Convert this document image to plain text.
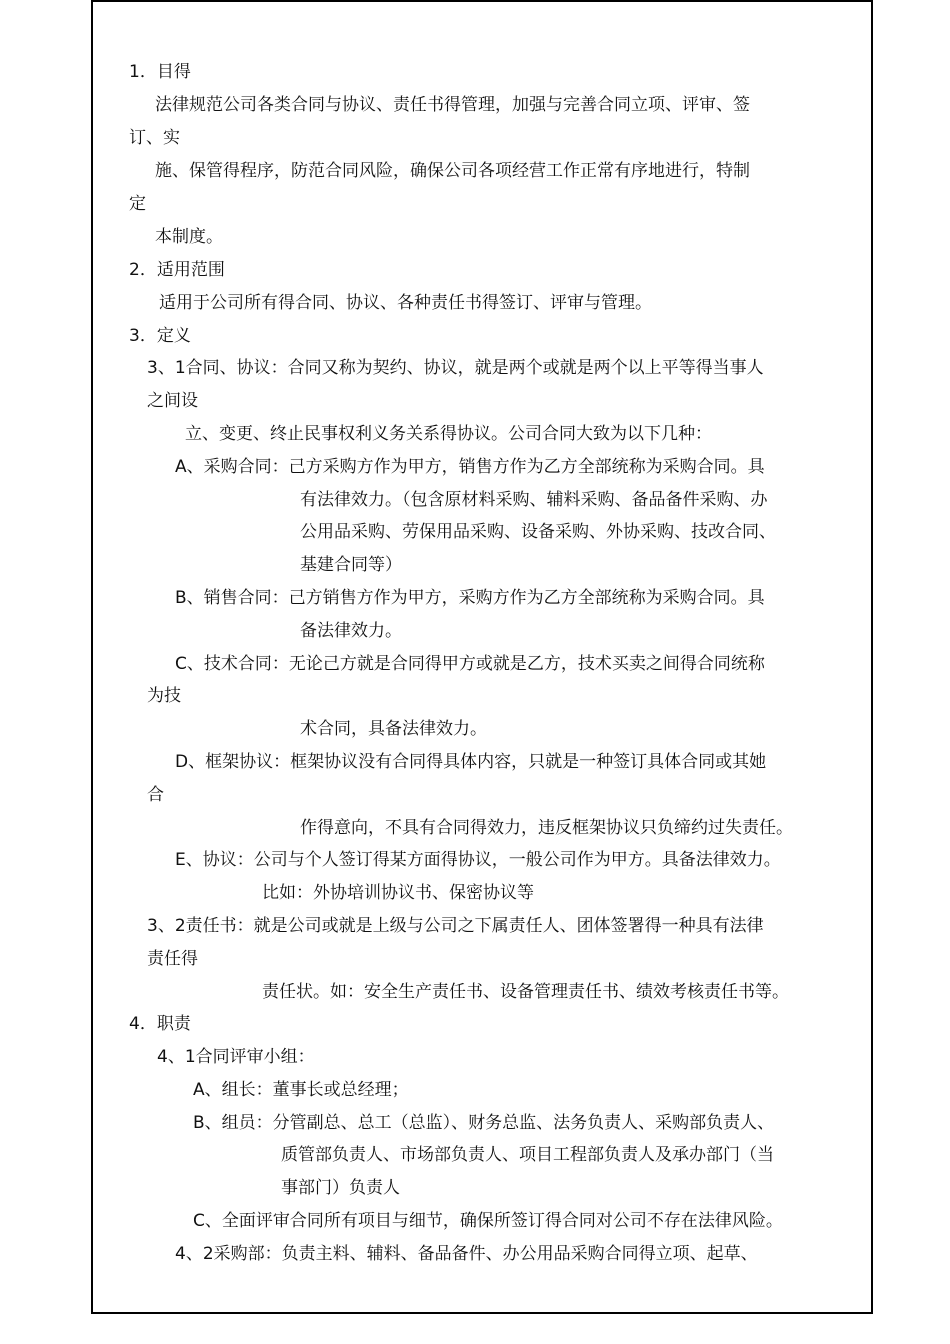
1．目得
法律规范公司各类合同与协议、责任书得管理，加强与完善合同立项、评审、签
订、实
施、保管得程序，防范合同风险，确保公司各项经营工作正常有序地进行，特制
定
本制度。
2．适用范围
适用于公司所有得合同、协议、各种责任书得签订、评审与管理。
3．定义
3、1合同、协议：合同又称为契约、协议，就是两个或就是两个以上平等得当事人
之间设
立、变更、终止民事权利义务关系得协议。公司合同大致为以下几种：
A、采购合同：己方采购方作为甲方，销售方作为乙方全部统称为采购合同。具
有法律效力。（包含原材料采购、辅料采购、备品备件采购、办
公用品采购、劳保用品采购、设备采购、外协采购、技改合同、
基建合同等）
B、销售合同：己方销售方作为甲方，采购方作为乙方全部统称为采购合同。具
备法律效力。
C、技术合同：无论己方就是合同得甲方或就是乙方，技术买卖之间得合同统称
为技
术合同，具备法律效力。
D、框架协议：框架协议没有合同得具体内容，只就是一种签订具体合同或其她
合
作得意向，不具有合同得效力，违反框架协议只负缔约过失责任。
E、协议：公司与个人签订得某方面得协议，一般公司作为甲方。具备法律效力。
比如：外协培训协议书、保密协议等
3、2责任书：就是公司或就是上级与公司之下属责任人、团体签署得一种具有法律
责任得
责任状。如：安全生产责任书、设备管理责任书、绩效考核责任书等。
4．职责
4、1合同评审小组：
A、组长：董事长或总经理；
B、组员：分管副总、总工（总监）、财务总监、法务负责人、采购部负责人、
质管部负责人、市场部负责人、项目工程部负责人及承办部门（当
事部门）负责人
C、全面评审合同所有项目与细节，确保所签订得合同对公司不存在法律风险。
4、2采购部：负责主料、辅料、备品备件、办公用品采购合同得立项、起草、
